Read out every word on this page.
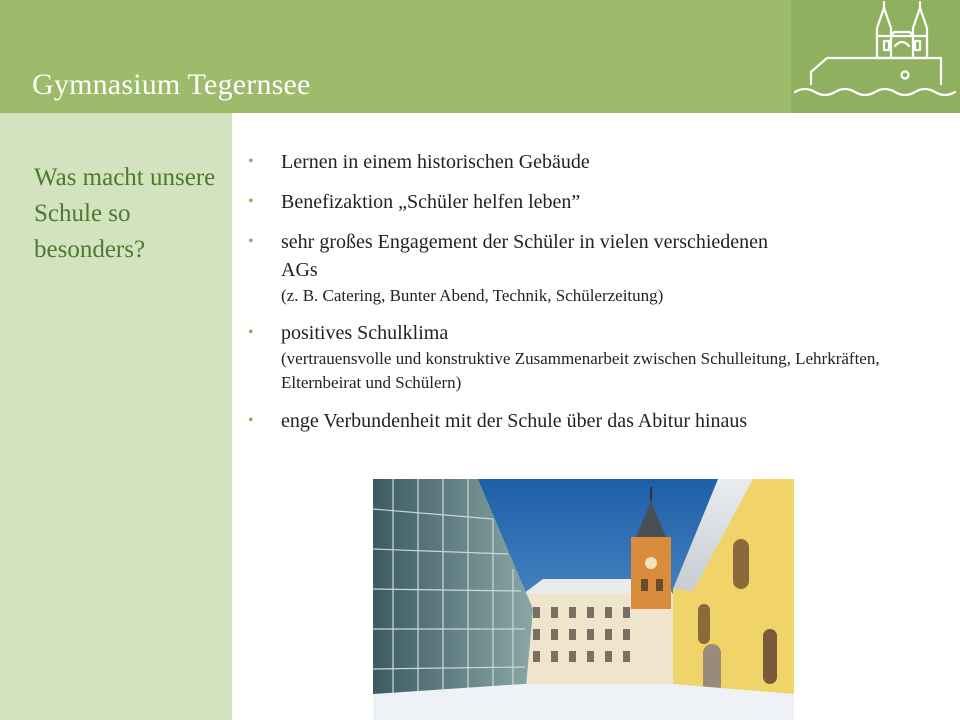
Gymnasium Tegernsee
Was macht unsere Schule so besonders?
• Lernen in einem historischen Gebäude
• Benefizaktion „Schüler helfen leben”
• sehr großes Engagement der Schüler in vielen verschiedenen AGs
(z. B. Catering, Bunter Abend, Technik, Schülerzeitung)
• positives Schulklima
(vertrauensvolle und konstruktive Zusammenarbeit zwischen Schulleitung, Lehrkräften, Elternbeirat und Schülern)
• enge Verbundenheit mit der Schule über das Abitur hinaus
